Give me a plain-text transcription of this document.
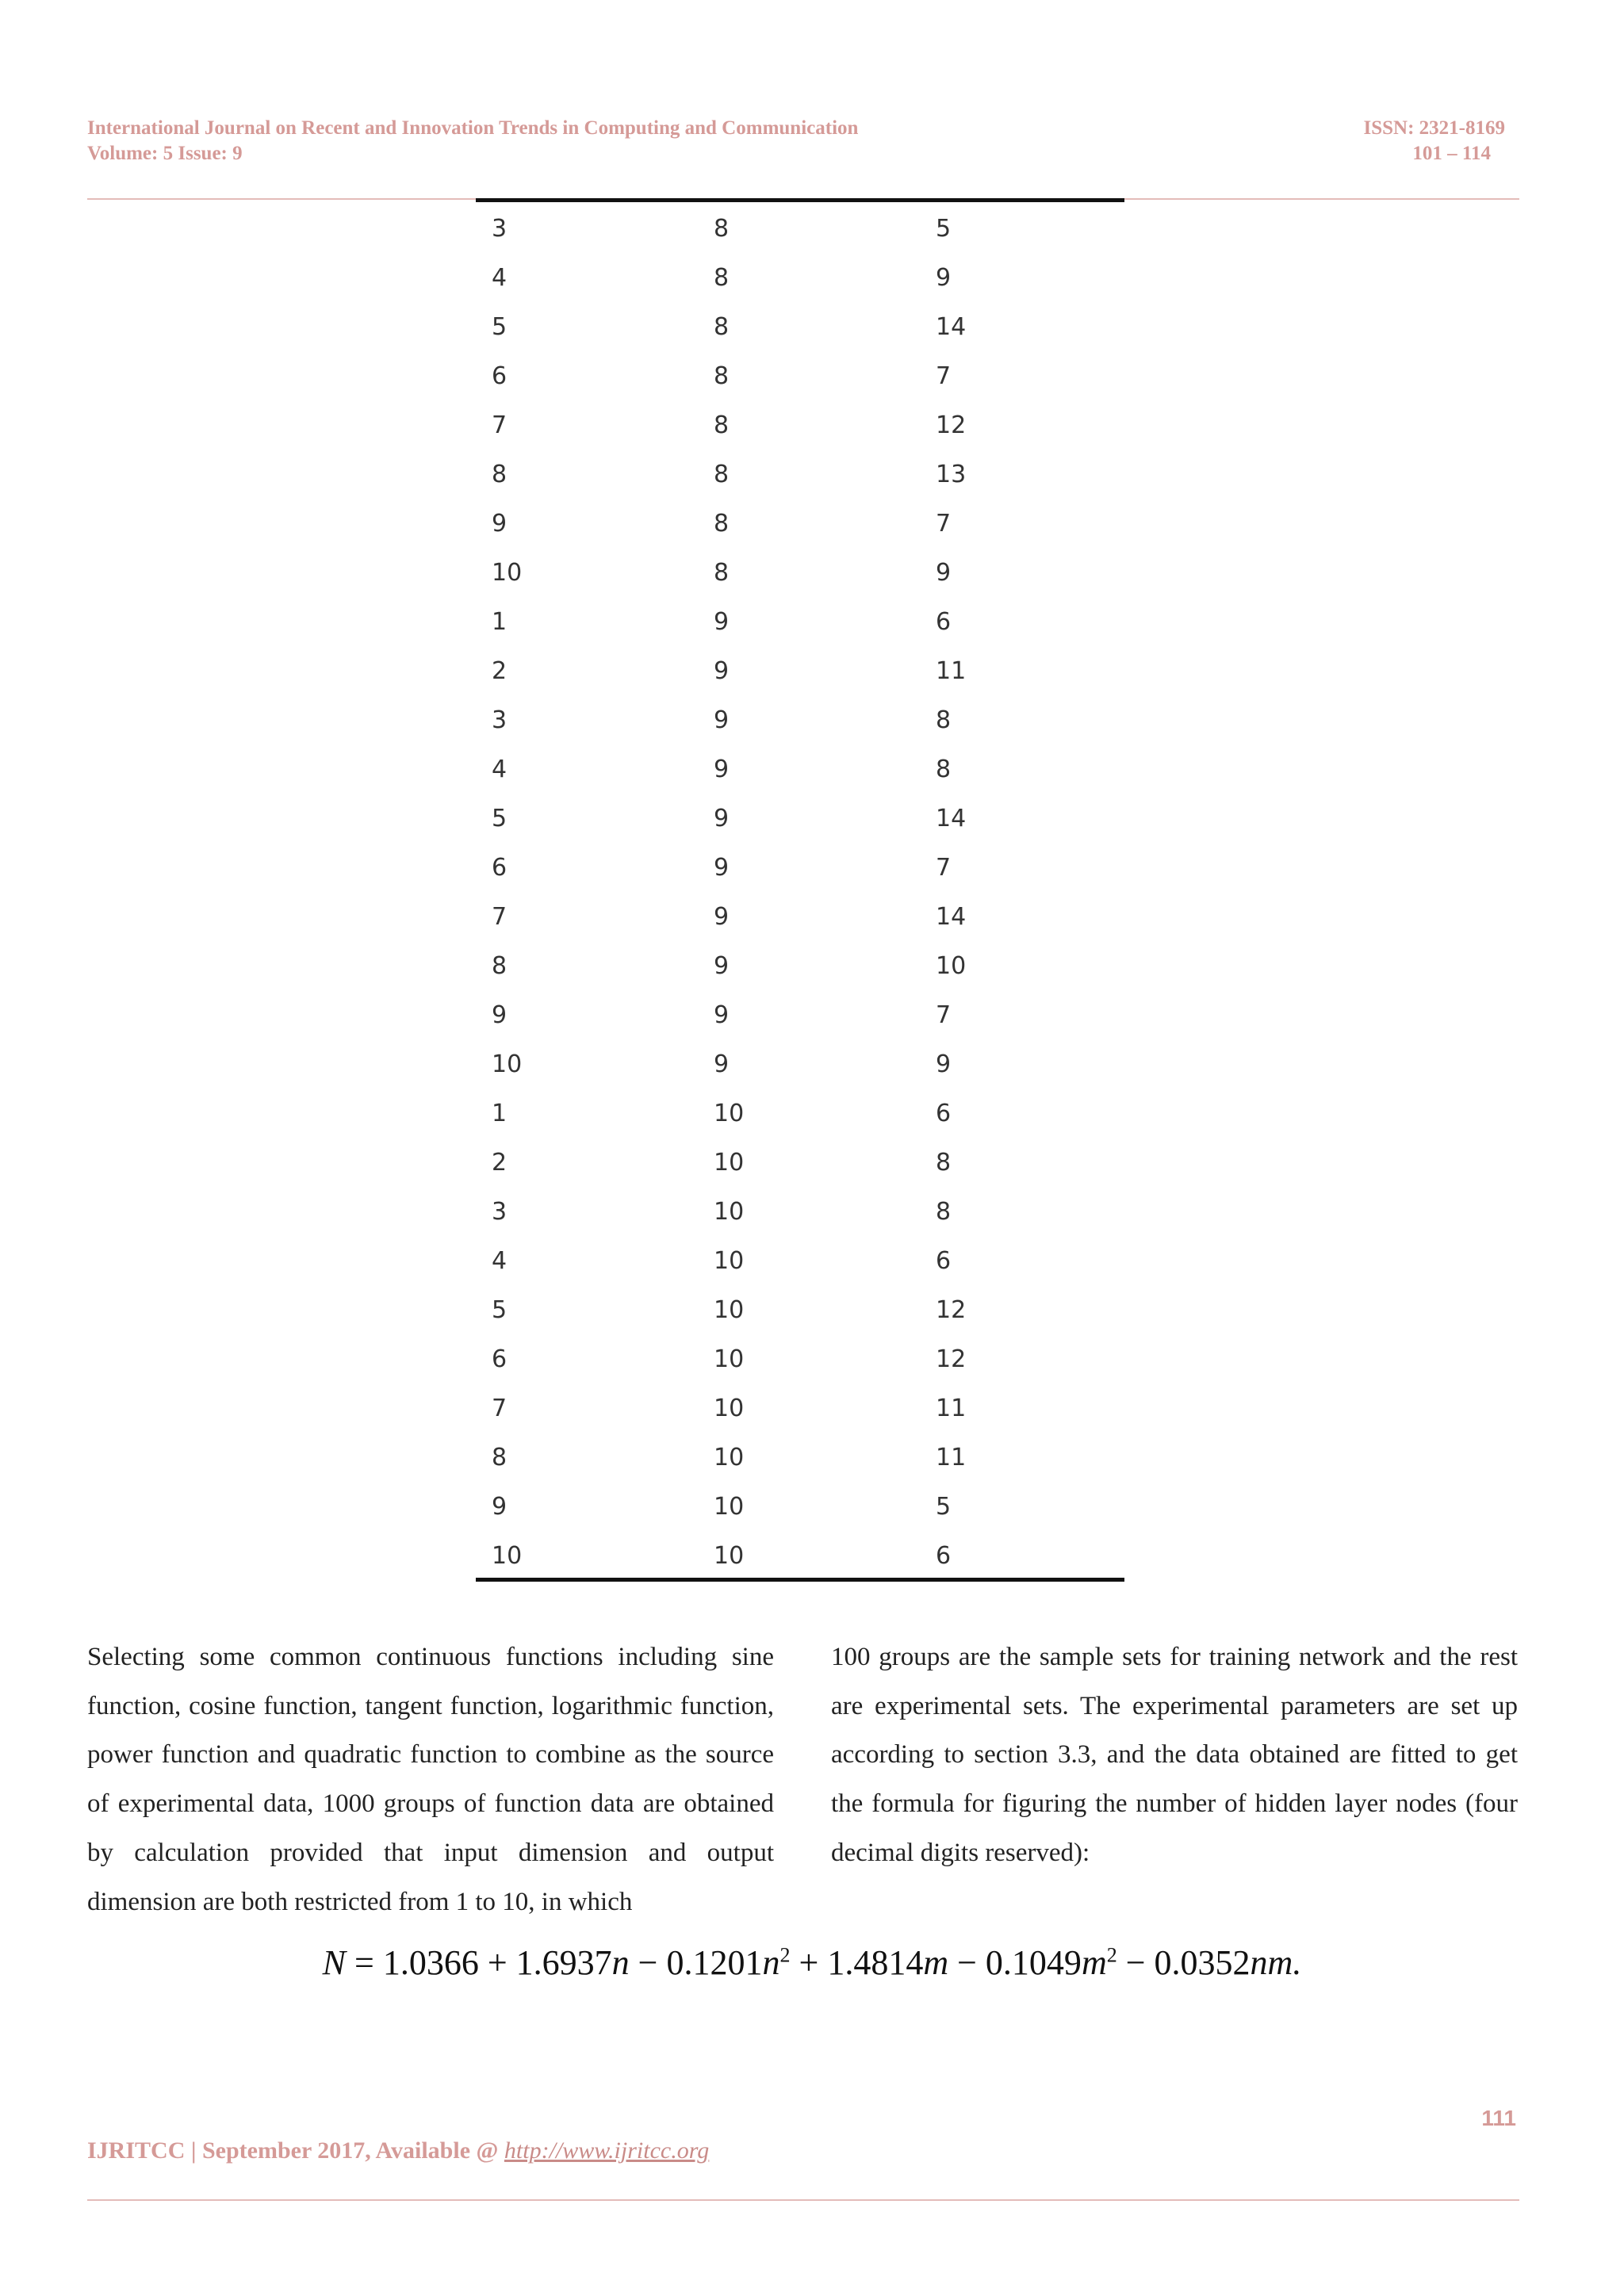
International Journal on Recent and Innovation Trends in Computing and Communication
Volume: 5 Issue: 9
ISSN: 2321-8169
101 – 114
3	8	5
4	8	9
5	8	14
6	8	7
7	8	12
8	8	13
9	8	7
10	8	9
1	9	6
2	9	11
3	9	8
4	9	8
5	9	14
6	9	7
7	9	14
8	9	10
9	9	7
10	9	9
1	10	6
2	10	8
3	10	8
4	10	6
5	10	12
6	10	12
7	10	11
8	10	11
9	10	5
10	10	6
Selecting some common continuous functions including sine function, cosine function, tangent function, logarithmic function, power function and quadratic function to combine as the source of experimental data, 1000 groups of function data are obtained by calculation provided that input dimension and output dimension are both restricted from 1 to 10, in which
100 groups are the sample sets for training network and the rest are experimental sets. The experimental parameters are set up according to section 3.3, and the data obtained are fitted to get the formula for figuring the number of hidden layer nodes (four decimal digits reserved):
$N = 1.0366 + 1.6937n - 0.1201n^2 + 1.4814m - 0.1049m^2 - 0.0352nm$.
111
IJRITCC | September 2017, Available @ http://www.ijritcc.org
